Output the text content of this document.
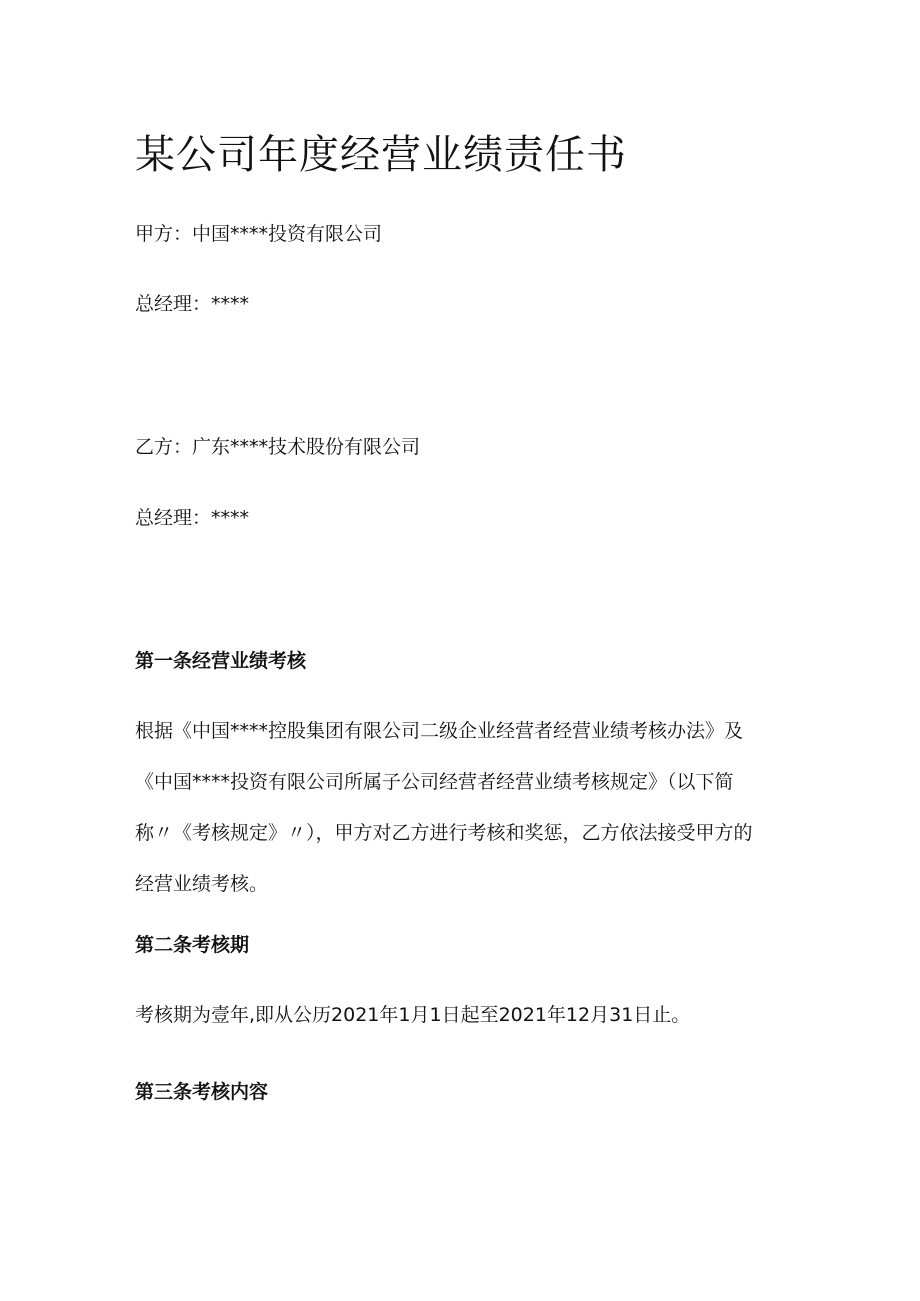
某公司年度经营业绩责任书

甲方：中国****投资有限公司

总经理：****

乙方：广东****技术股份有限公司

总经理：****

第一条经营业绩考核

根据《中国****控股集团有限公司二级企业经营者经营业绩考核办法》及
《中国****投资有限公司所属子公司经营者经营业绩考核规定》（以下简
称〃《考核规定》〃），甲方对乙方进行考核和奖惩，乙方依法接受甲方的
经营业绩考核。

第二条考核期

考核期为壹年,即从公历2021年1月1日起至2021年12月31日止。

第三条考核内容
